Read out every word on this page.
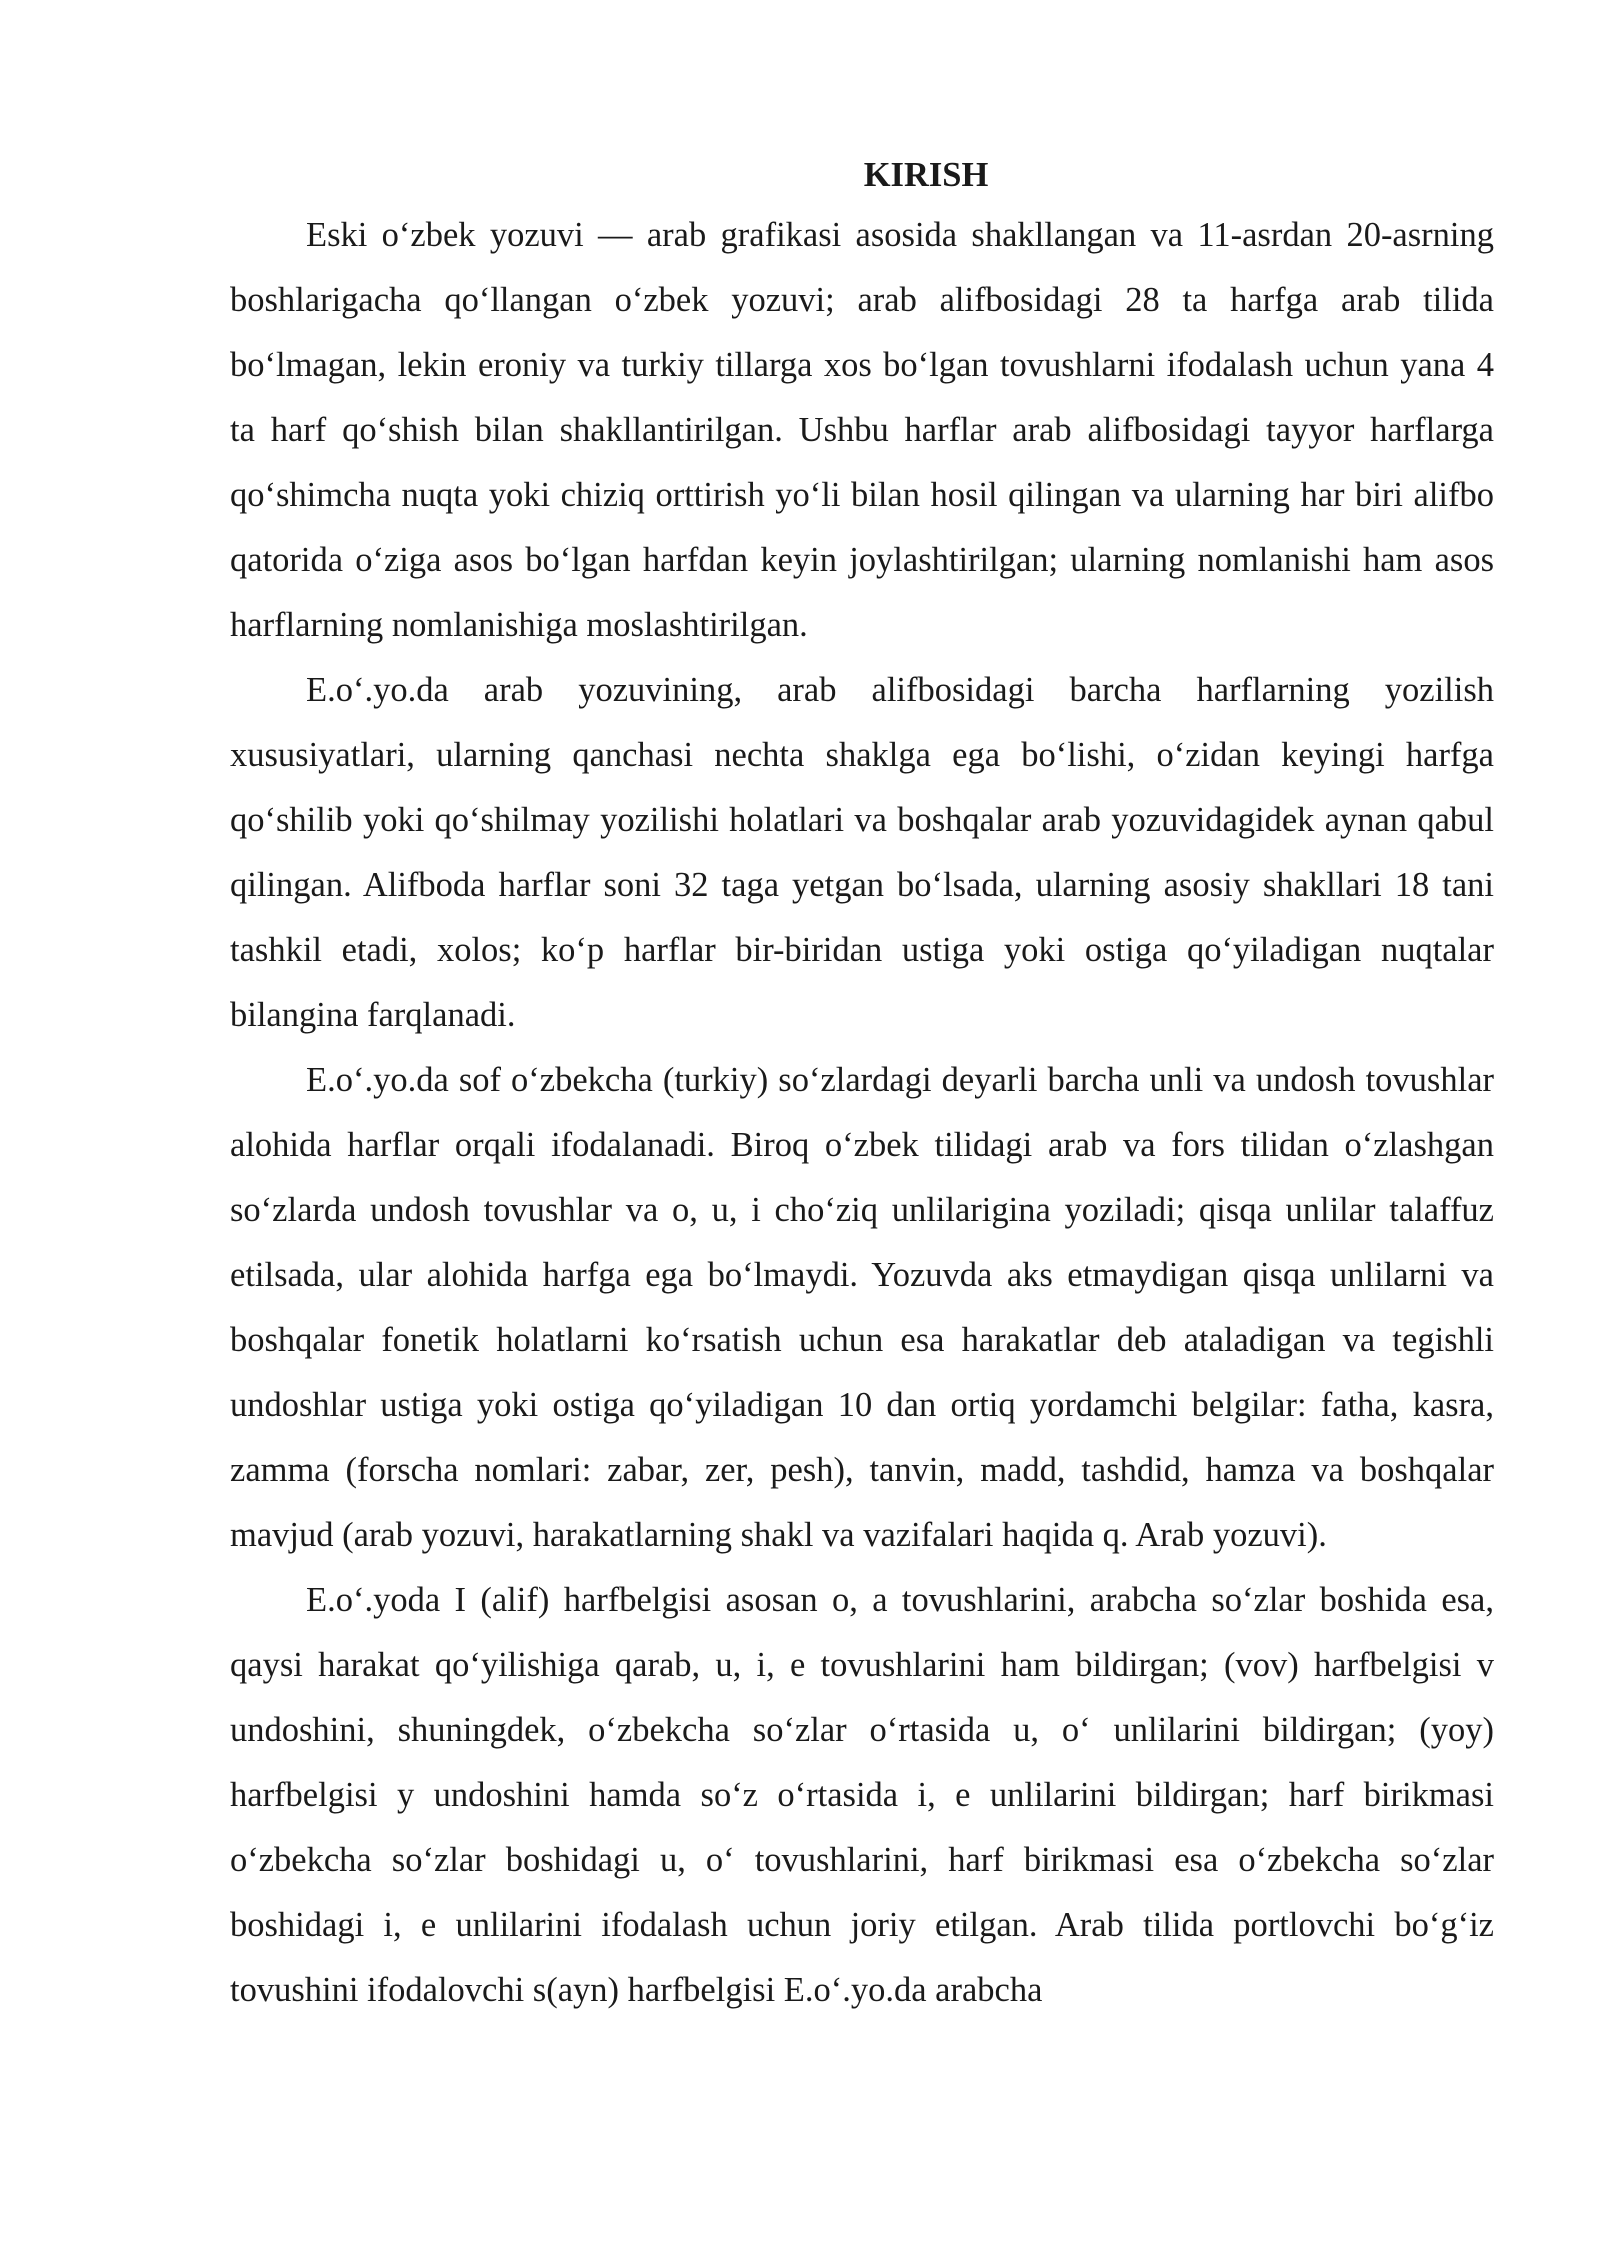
KIRISH

Eski o‘zbek yozuvi — arab grafikasi asosida shakllangan va 11-asrdan 20-asrning boshlarigacha qo‘llangan o‘zbek yozuvi; arab alifbosidagi 28 ta harfga arab tilida bo‘lmagan, lekin eroniy va turkiy tillarga xos bo‘lgan tovushlarni ifodalash uchun yana 4 ta harf qo‘shish bilan shakllantirilgan. Ushbu harflar arab alifbosidagi tayyor harflarga qo‘shimcha nuqta yoki chiziq orttirish yo‘li bilan hosil qilingan va ularning har biri alifbo qatorida o‘ziga asos bo‘lgan harfdan keyin joylashtirilgan; ularning nomlanishi ham asos harflarning nomlanishiga moslashtirilgan.

E.o‘.yo.da arab yozuvining, arab alifbosidagi barcha harflarning yozilish xususiyatlari, ularning qanchasi nechta shaklga ega bo‘lishi, o‘zidan keyingi harfga qo‘shilib yoki qo‘shilmay yozilishi holatlari va boshqalar arab yozuvidagidek aynan qabul qilingan. Alifboda harflar soni 32 taga yetgan bo‘lsada, ularning asosiy shakllari 18 tani tashkil etadi, xolos; ko‘p harflar bir-biridan ustiga yoki ostiga qo‘yiladigan nuqtalar bilangina farqlanadi.

E.o‘.yo.da sof o‘zbekcha (turkiy) so‘zlardagi deyarli barcha unli va undosh tovushlar alohida harflar orqali ifodalanadi. Biroq o‘zbek tilidagi arab va fors tilidan o‘zlashgan so‘zlarda undosh tovushlar va o, u, i cho‘ziq unlilarigina yoziladi; qisqa unlilar talaffuz etilsada, ular alohida harfga ega bo‘lmaydi. Yozuvda aks etmaydigan qisqa unlilarni va boshqalar fonetik holatlarni ko‘rsatish uchun esa harakatlar deb ataladigan va tegishli undoshlar ustiga yoki ostiga qo‘yiladigan 10 dan ortiq yordamchi belgilar: fatha, kasra, zamma (forscha nomlari: zabar, zer, pesh), tanvin, madd, tashdid, hamza va boshqalar mavjud (arab yozuvi, harakatlarning shakl va vazifalari haqida q. Arab yozuvi).

E.o‘.yoda I (alif) harfbelgisi asosan o, a tovushlarini, arabcha so‘zlar boshida esa, qaysi harakat qo‘yilishiga qarab, u, i, e tovushlarini ham bildirgan; (vov) harfbelgisi v undoshini, shuningdek, o‘zbekcha so‘zlar o‘rtasida u, o‘ unlilarini bildirgan; (yoy) harfbelgisi y undoshini hamda so‘z o‘rtasida i, e unlilarini bildirgan; harf birikmasi o‘zbekcha so‘zlar boshidagi u, o‘ tovushlarini, harf birikmasi esa o‘zbekcha so‘zlar boshidagi i, e unlilarini ifodalash uchun joriy etilgan. Arab tilida portlovchi bo‘g‘iz tovushini ifodalovchi s(ayn) harfbelgisi E.o‘.yo.da arabcha
